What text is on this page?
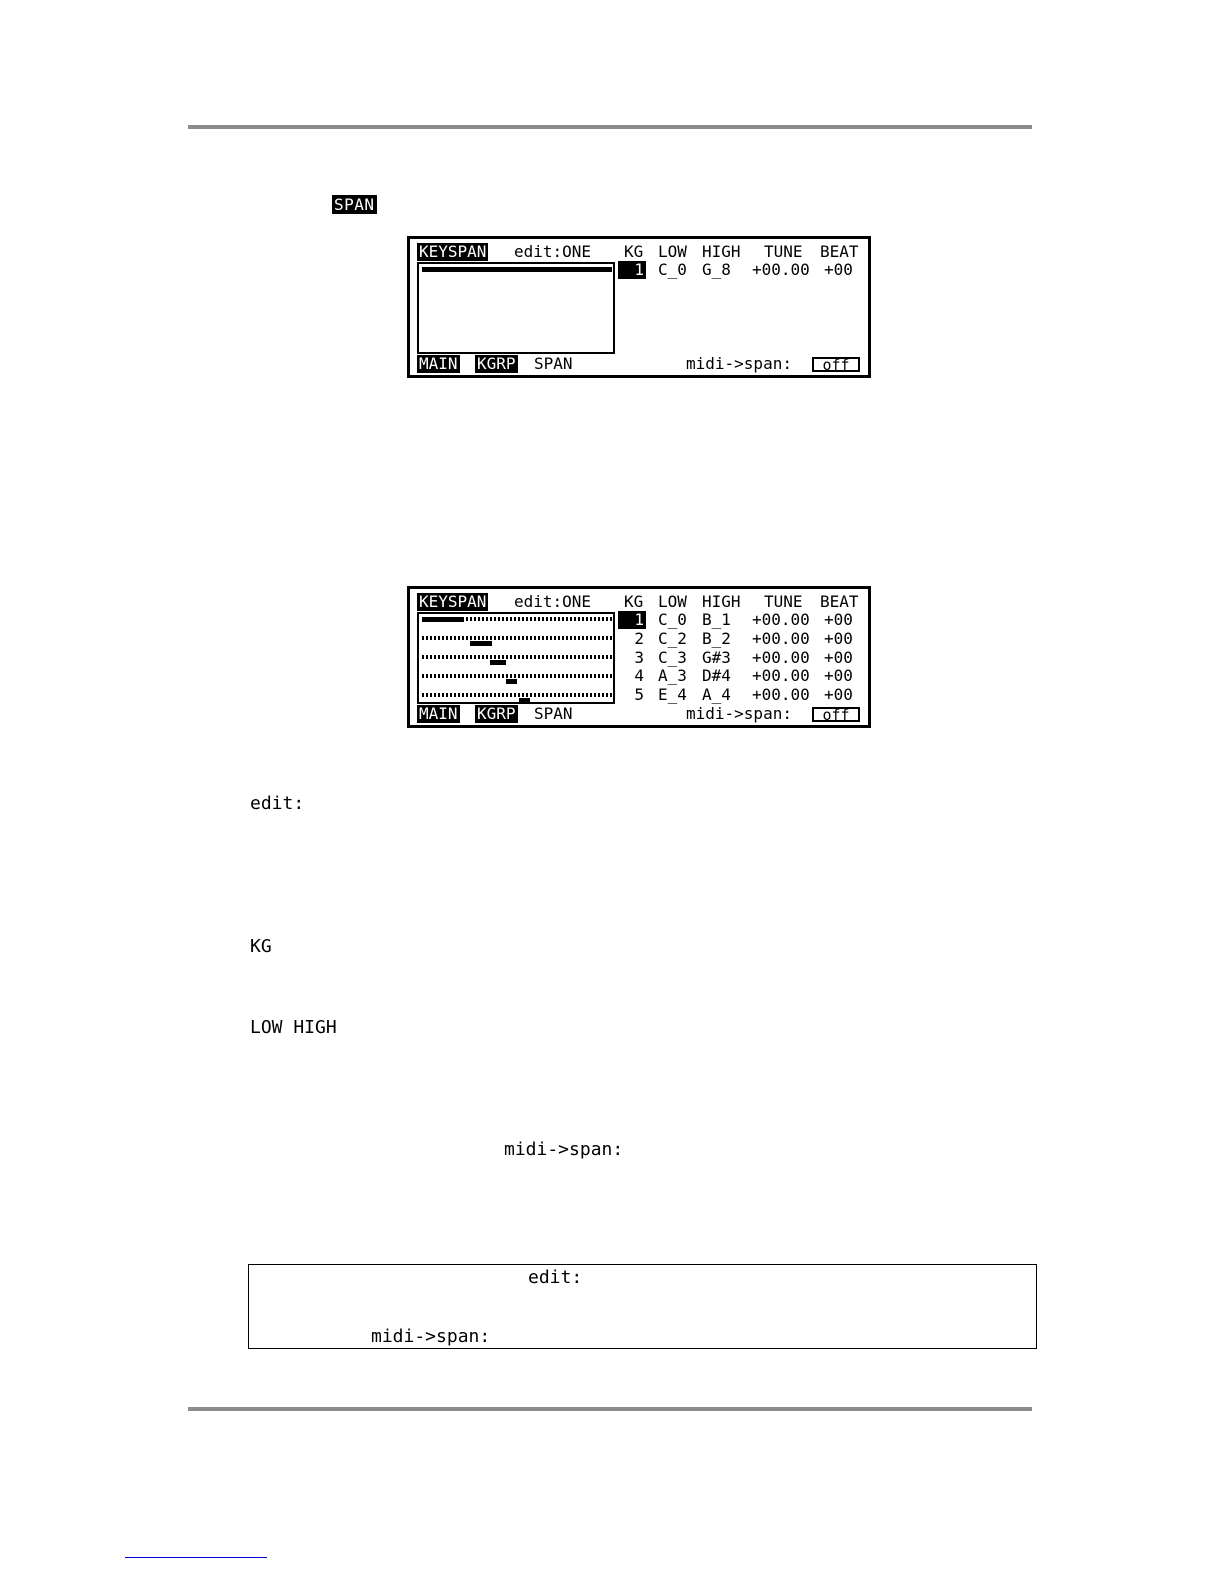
SPAN
KEYSPAN edit:ONE KG LOW HIGH TUNE BEAT
1 C_0 G_8 +00.00 +00
MAIN KGRP SPAN	midi->span:	off
KEYSPAN edit:ONE KG LOW HIGH TUNE BEAT
1 C_0 B_1 +00.00 +00
2 C_2 B_2 +00.00 +00
3 C_3 G#3 +00.00 +00
4 A_3 D#4 +00.00 +00
5 E_4 A_4 +00.00 +00
MAIN KGRP SPAN	midi->span:	off
edit:
KG
LOW HIGH
midi->span:
edit:
midi->span:
